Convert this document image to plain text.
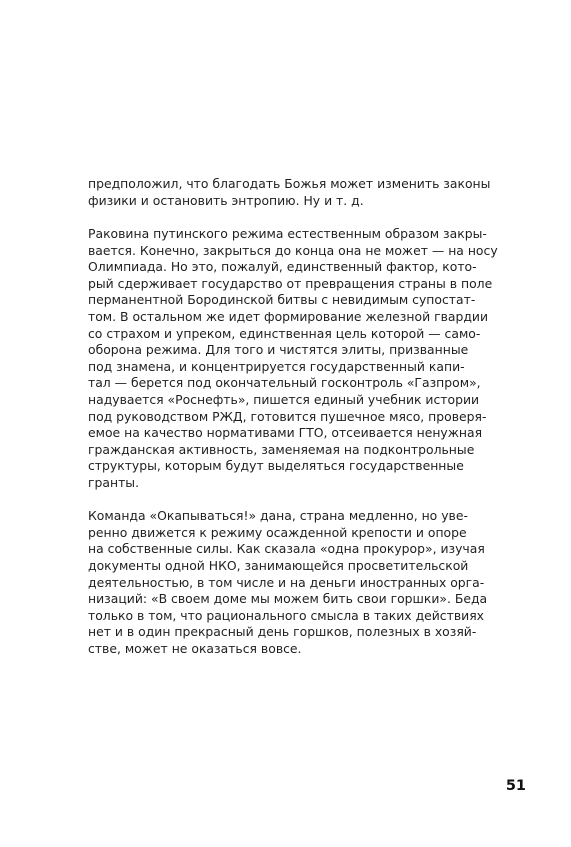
предположил, что благодать Божья может изменить законы
физики и остановить энтропию. Ну и т. д.

Раковина путинского режима естественным образом закры-
вается. Конечно, закрыться до конца она не может — на носу
Олимпиада. Но это, пожалуй, единственный фактор, кото-
рый сдерживает государство от превращения страны в поле
перманентной Бородинской битвы с невидимым супостат-
том. В остальном же идет формирование железной гвардии
со страхом и упреком, единственная цель которой — само-
оборона режима. Для того и чистятся элиты, призванные
под знамена, и концентрируется государственный капи-
тал — берется под окончательный госконтроль «Газпром»,
надувается «Роснефть», пишется единый учебник истории
под руководством РЖД, готовится пушечное мясо, проверя-
емое на качество нормативами ГТО, отсеивается ненужная
гражданская активность, заменяемая на подконтрольные
структуры, которым будут выделяться государственные
гранты.

Команда «Окапываться!» дана, страна медленно, но уве-
ренно движется к режиму осажденной крепости и опоре
на собственные силы. Как сказала «одна прокурор», изучая
документы одной НКО, занимающейся просветительской
деятельностью, в том числе и на деньги иностранных орга-
низаций: «В своем доме мы можем бить свои горшки». Беда
только в том, что рационального смысла в таких действиях
нет и в один прекрасный день горшков, полезных в хозяй-
стве, может не оказаться вовсе.

51
